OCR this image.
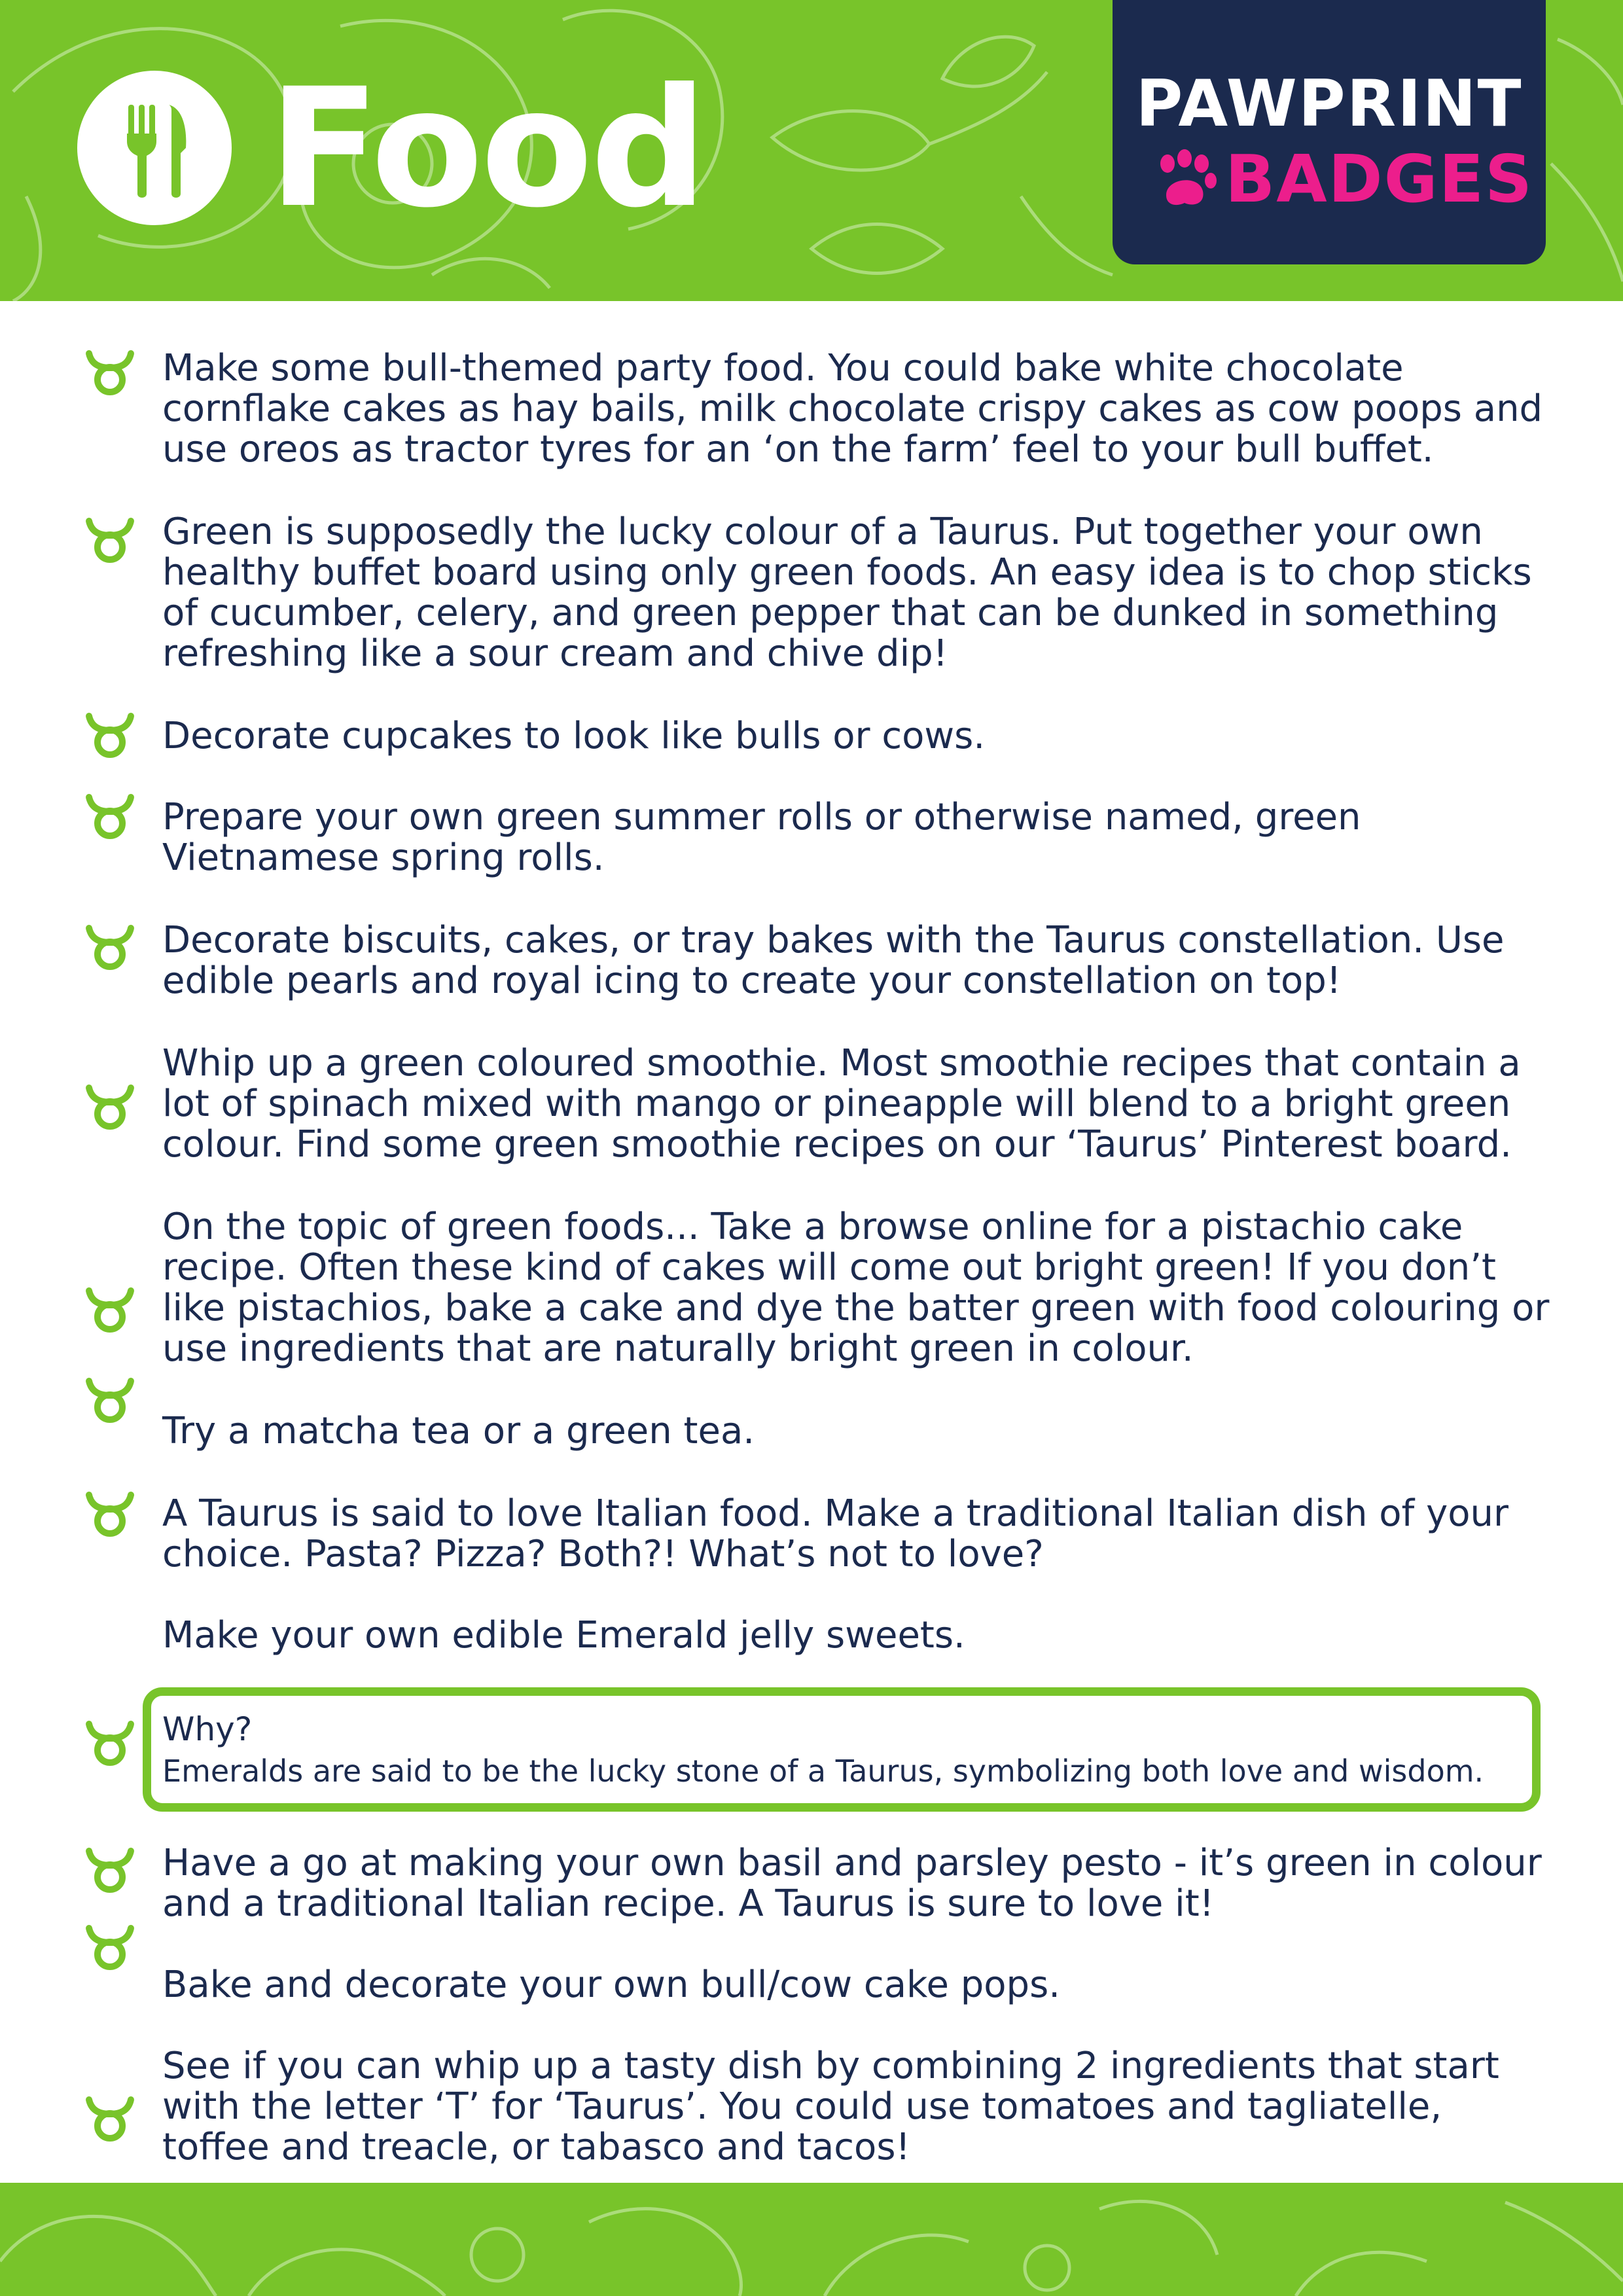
Food	PAWPRINT
BADGES

Make some bull-themed party food. You could bake white chocolate cornflake cakes as hay bails, milk chocolate crispy cakes as cow poops and use oreos as tractor tyres for an ‘on the farm’ feel to your bull buffet.

Green is supposedly the lucky colour of a Taurus. Put together your own healthy buffet board using only green foods. An easy idea is to chop sticks of cucumber, celery, and green pepper that can be dunked in something refreshing like a sour cream and chive dip!

Decorate cupcakes to look like bulls or cows.

Prepare your own green summer rolls or otherwise named, green Vietnamese spring rolls.

Decorate biscuits, cakes, or tray bakes with the Taurus constellation. Use edible pearls and royal icing to create your constellation on top!

Whip up a green coloured smoothie. Most smoothie recipes that contain a lot of spinach mixed with mango or pineapple will blend to a bright green colour. Find some green smoothie recipes on our ‘Taurus’ Pinterest board.

On the topic of green foods... Take a browse online for a pistachio cake recipe. Often these kind of cakes will come out bright green! If you don’t like pistachios, bake a cake and dye the batter green with food colouring or use ingredients that are naturally bright green in colour.

Try a matcha tea or a green tea.

A Taurus is said to love Italian food. Make a traditional Italian dish of your choice. Pasta? Pizza? Both?! What’s not to love?

Make your own edible Emerald jelly sweets.

Why?
Emeralds are said to be the lucky stone of a Taurus, symbolizing both love and wisdom.

Have a go at making your own basil and parsley pesto - it’s green in colour and a traditional Italian recipe. A Taurus is sure to love it!

Bake and decorate your own bull/cow cake pops.

See if you can whip up a tasty dish by combining 2 ingredients that start with the letter ‘T’ for ‘Taurus’. You could use tomatoes and tagliatelle, toffee and treacle, or tabasco and tacos!
